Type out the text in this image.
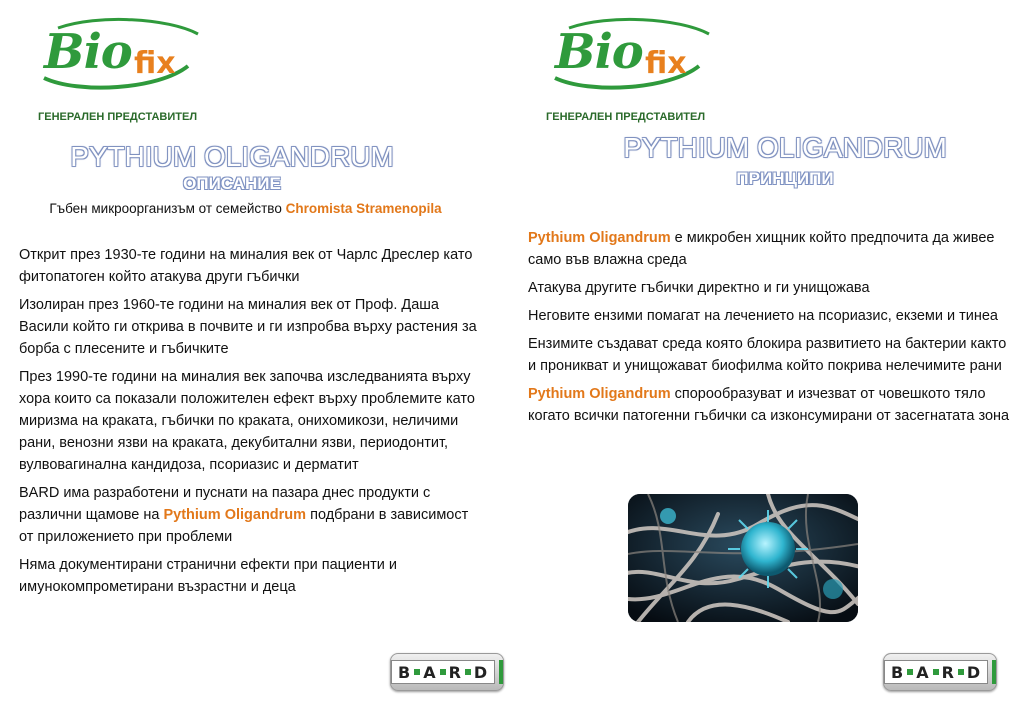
Bio fix
ГЕНЕРАЛЕН ПРЕДСТАВИТЕЛ
PYTHIUM OLIGANDRUM
ОПИСАНИЕ
Гъбен микроорганизъм от семейство Chromista Stramenopila

Открит през 1930-те години на миналия век от Чарлс Дреслер като фитопатоген който атакува други гъбички

Изолиран през 1960-те години на миналия век от Проф. Даша Васили който ги открива в почвите и ги изпробва върху растения за борба с плесените и гъбичките

През 1990-те години на миналия век започва изследванията върху хора които са показали положителен ефект върху проблемите като миризма на краката, гъбички по краката, онихомикози, неличими рани, венозни язви на краката, декубитални язви, периодонтит, вулвовагинална кандидоза, псориазис и дерматит

BARD има разработени и пуснати на пазара днес продукти с различни щамове на Pythium Oligandrum подбрани в зависимост от приложението при проблеми

Няма документирани странични ефекти при пациенти и имунокомпрометирани възрастни и деца

B A R D
Bio fix
ГЕНЕРАЛЕН ПРЕДСТАВИТЕЛ
PYTHIUM OLIGANDRUM
ПРИНЦИПИ

Pythium Oligandrum е микробен хищник който предпочита да живее само във влажна среда

Атакува другите гъбички директно и ги унищожава

Неговите ензими помагат на лечението на псориазис, екземи и тинеа

Ензимите създават среда която блокира развитието на бактерии както и проникват и унищожават биофилма който покрива нелечимите рани

Pythium Oligandrum спорообразуват и изчезват от човешкото тяло когато всички патогенни гъбички са изконсумирани от засегнатата зона

B A R D
